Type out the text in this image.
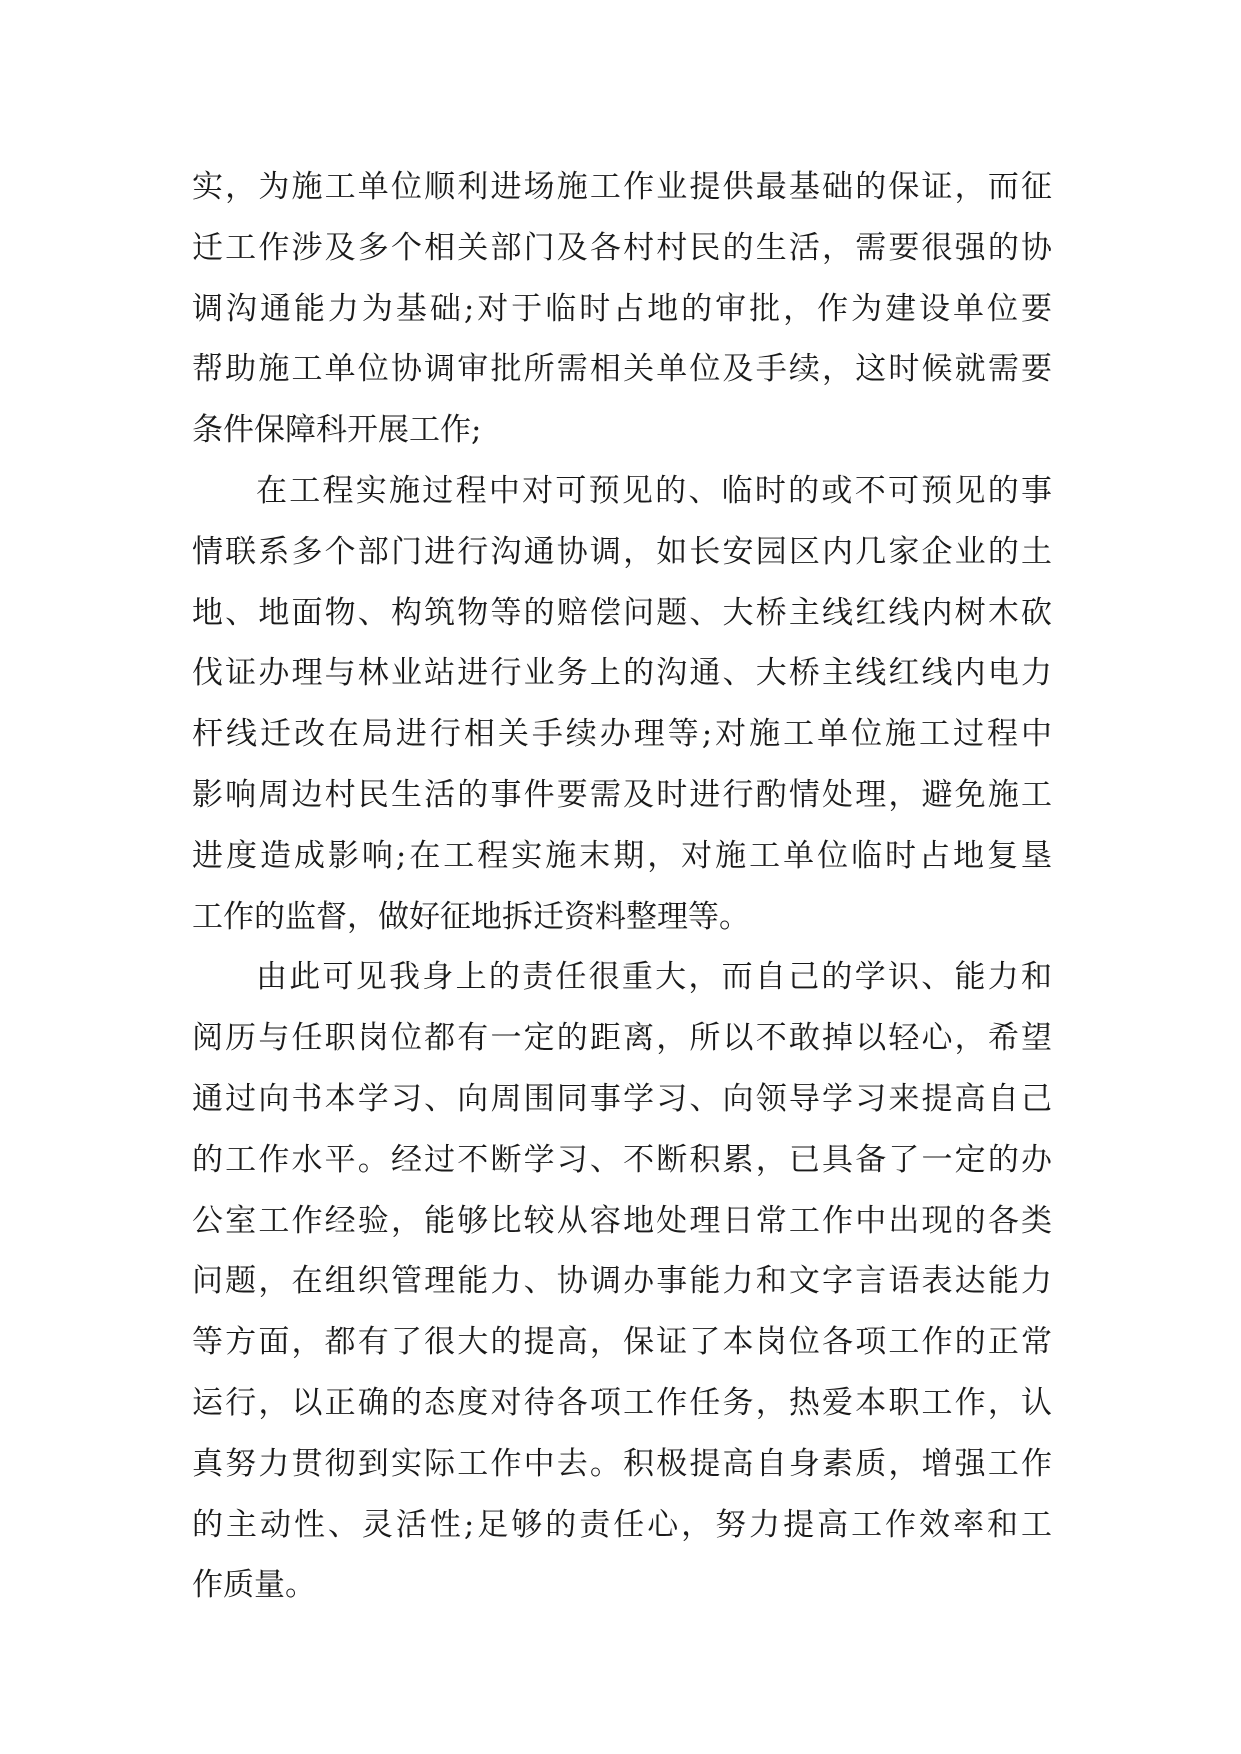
实，为施工单位顺利进场施工作业提供最基础的保证，而征
迁工作涉及多个相关部门及各村村民的生活，需要很强的协
调沟通能力为基础;对于临时占地的审批，作为建设单位要
帮助施工单位协调审批所需相关单位及手续，这时候就需要
条件保障科开展工作;
在工程实施过程中对可预见的、临时的或不可预见的事
情联系多个部门进行沟通协调，如长安园区内几家企业的土
地、地面物、构筑物等的赔偿问题、大桥主线红线内树木砍
伐证办理与林业站进行业务上的沟通、大桥主线红线内电力
杆线迁改在局进行相关手续办理等;对施工单位施工过程中
影响周边村民生活的事件要需及时进行酌情处理，避免施工
进度造成影响;在工程实施末期，对施工单位临时占地复垦
工作的监督，做好征地拆迁资料整理等。
由此可见我身上的责任很重大，而自己的学识、能力和
阅历与任职岗位都有一定的距离，所以不敢掉以轻心，希望
通过向书本学习、向周围同事学习、向领导学习来提高自己
的工作水平。经过不断学习、不断积累，已具备了一定的办
公室工作经验，能够比较从容地处理日常工作中出现的各类
问题，在组织管理能力、协调办事能力和文字言语表达能力
等方面，都有了很大的提高，保证了本岗位各项工作的正常
运行，以正确的态度对待各项工作任务，热爱本职工作，认
真努力贯彻到实际工作中去。积极提高自身素质，增强工作
的主动性、灵活性;足够的责任心，努力提高工作效率和工
作质量。
